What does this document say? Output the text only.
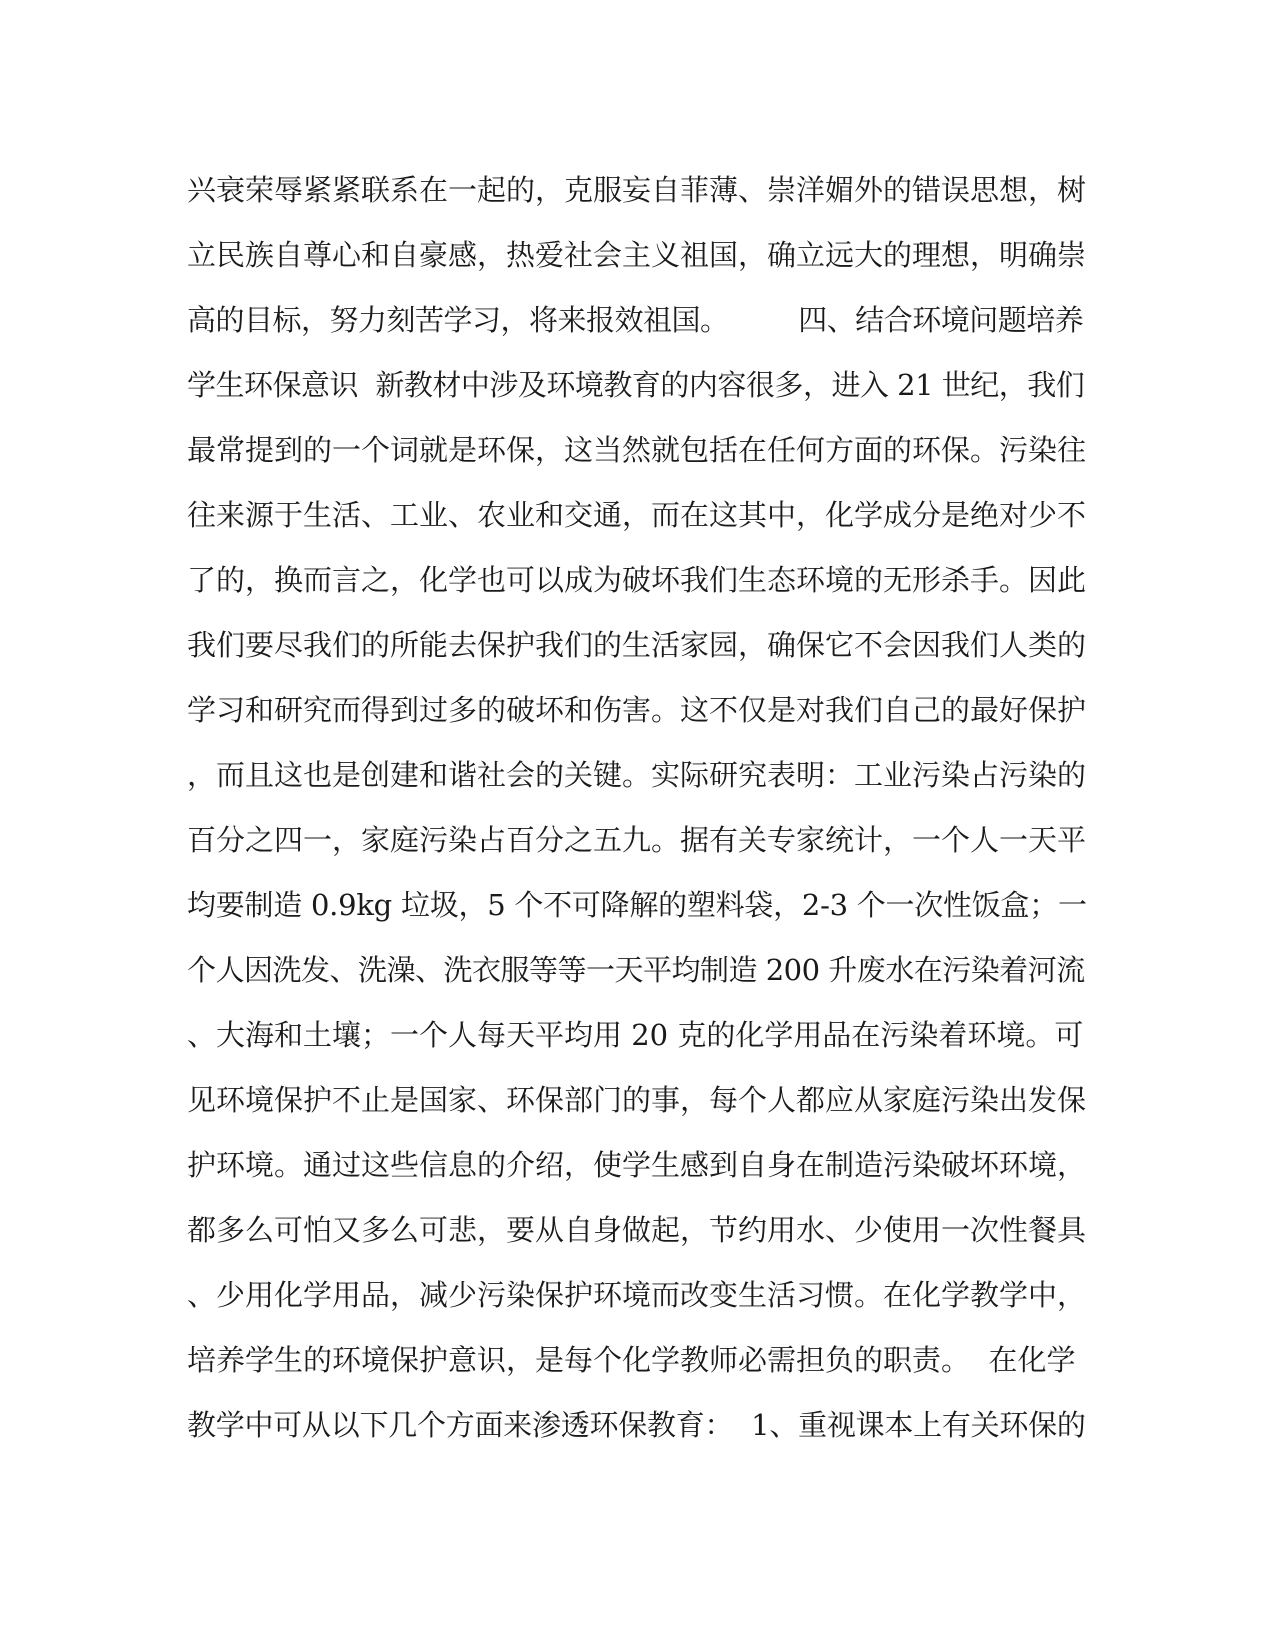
兴衰荣辱紧紧联系在一起的，克服妄自菲薄、崇洋媚外的错误思想，树
立民族自尊心和自豪感，热爱社会主义祖国，确立远大的理想，明确崇
高的目标，努力刻苦学习，将来报效祖国。        四、结合环境问题培养
学生环保意识  新教材中涉及环境教育的内容很多，进入 21 世纪，我们
最常提到的一个词就是环保，这当然就包括在任何方面的环保。污染往
往来源于生活、工业、农业和交通，而在这其中，化学成分是绝对少不
了的，换而言之，化学也可以成为破坏我们生态环境的无形杀手。因此
我们要尽我们的所能去保护我们的生活家园，确保它不会因我们人类的
学习和研究而得到过多的破坏和伤害。这不仅是对我们自己的最好保护
，而且这也是创建和谐社会的关键。实际研究表明：工业污染占污染的
百分之四一，家庭污染占百分之五九。据有关专家统计，一个人一天平
均要制造 0.9kg 垃圾，5 个不可降解的塑料袋，2-3 个一次性饭盒；一
个人因洗发、洗澡、洗衣服等等一天平均制造 200 升废水在污染着河流
、大海和土壤；一个人每天平均用 20 克的化学用品在污染着环境。可
见环境保护不止是国家、环保部门的事，每个人都应从家庭污染出发保
护环境。通过这些信息的介绍，使学生感到自身在制造污染破坏环境，
都多么可怕又多么可悲，要从自身做起，节约用水、少使用一次性餐具
、少用化学用品，减少污染保护环境而改变生活习惯。在化学教学中，
培养学生的环境保护意识，是每个化学教师必需担负的职责。  在化学
教学中可从以下几个方面来渗透环保教育：  1、重视课本上有关环保的
